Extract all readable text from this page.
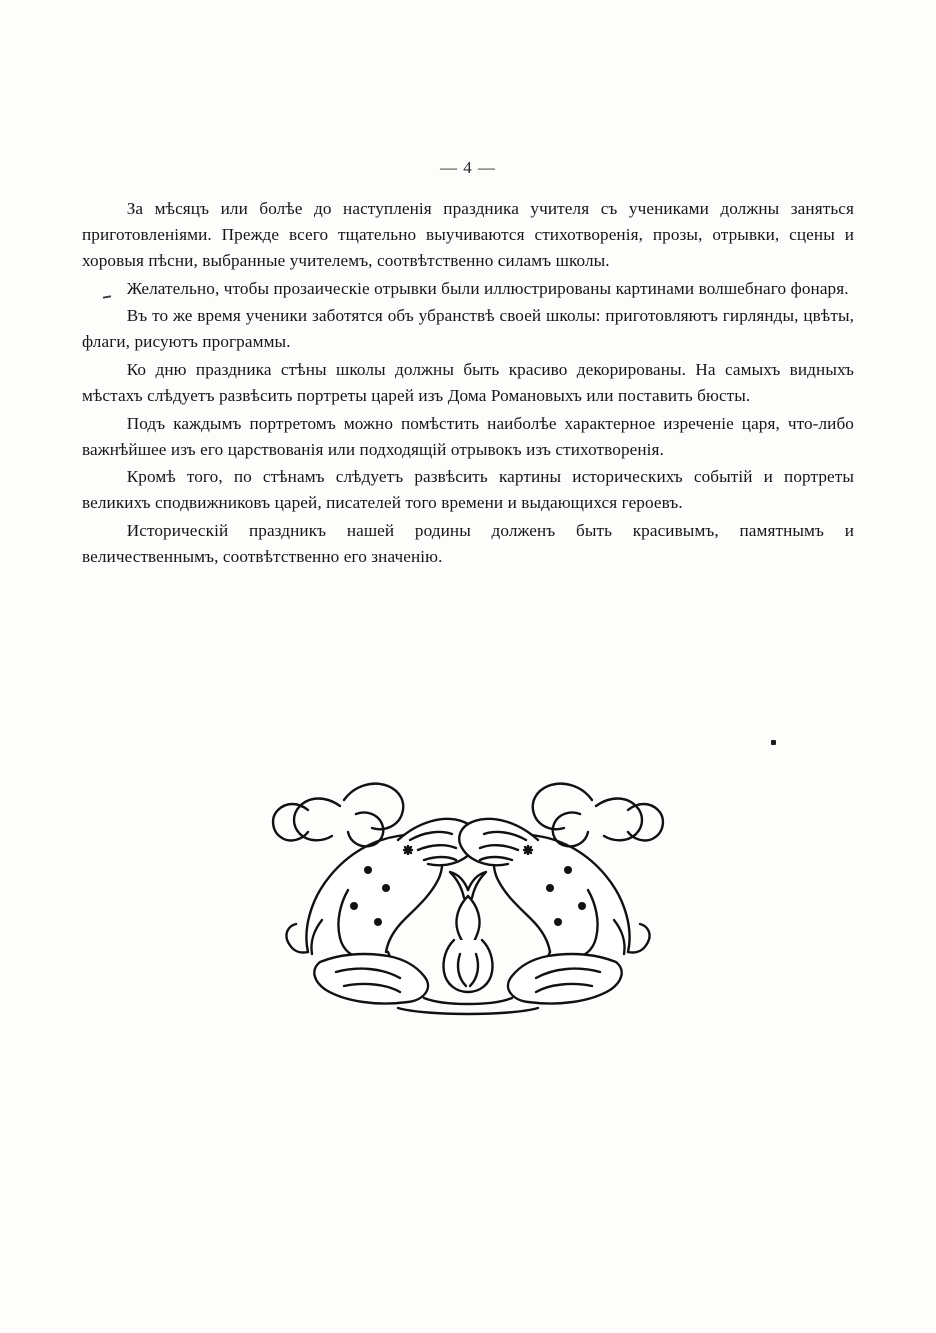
— 4 —

За мѣсяцъ или болѣе до наступленія праздника учителя съ учениками должны заняться приготовленіями. Прежде всего тщательно выучиваются стихотворенія, прозы, отрывки, сцены и хоровыя пѣсни, выбранные учителемъ, соотвѣтственно силамъ школы.

Желательно, чтобы прозаическіе отрывки были иллюстрированы картинами волшебнаго фонаря.

Въ то же время ученики заботятся объ убранствѣ своей школы: приготовляютъ гирлянды, цвѣты, флаги, рисуютъ программы.

Ко дню праздника стѣны школы должны быть красиво декорированы. На самыхъ видныхъ мѣстахъ слѣдуетъ развѣсить портреты царей изъ Дома Романовыхъ или поставить бюсты.

Подъ каждымъ портретомъ можно помѣстить наиболѣе характерное изреченіе царя, что-либо важнѣйшее изъ его царствованія или подходящій отрывокъ изъ стихотворенія.

Кромѣ того, по стѣнамъ слѣдуетъ развѣсить картины историческихъ событій и портреты великихъ сподвижниковъ царей, писателей того времени и выдающихся героевъ.

Историческій праздникъ нашей родины долженъ быть красивымъ, памятнымъ и величественнымъ, соотвѣтственно его значенію.
